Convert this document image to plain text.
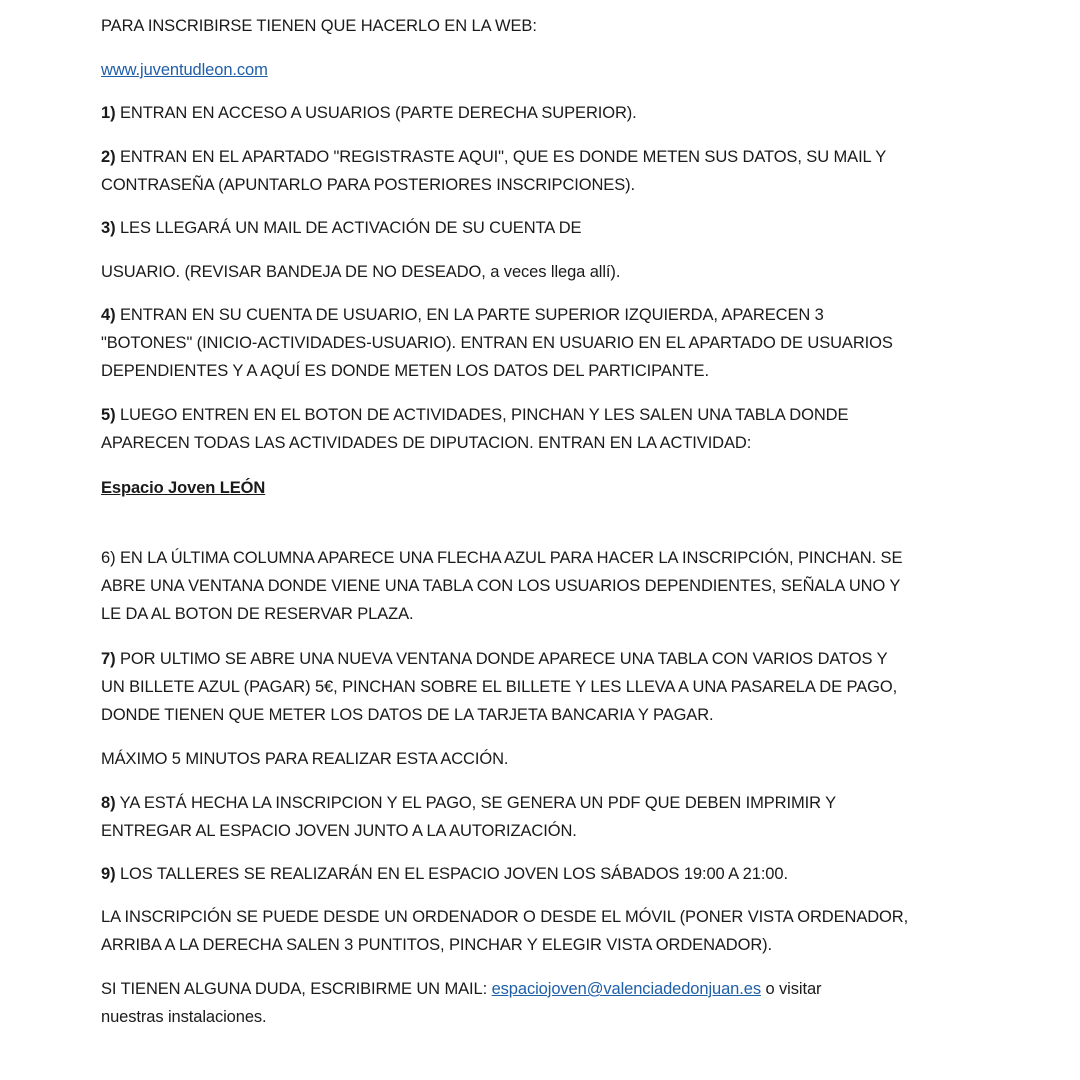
PARA INSCRIBIRSE TIENEN QUE HACERLO EN LA WEB:

www.juventudleon.com

1) ENTRAN EN ACCESO A USUARIOS (PARTE DERECHA SUPERIOR).

2) ENTRAN EN EL APARTADO "REGISTRASTE AQUI", QUE ES DONDE METEN SUS DATOS, SU MAIL Y
CONTRASEÑA (APUNTARLO PARA POSTERIORES INSCRIPCIONES).

3) LES LLEGARÁ UN MAIL DE ACTIVACIÓN DE SU CUENTA DE

USUARIO. (REVISAR BANDEJA DE NO DESEADO, a veces llega allí).

4) ENTRAN EN SU CUENTA DE USUARIO, EN LA PARTE SUPERIOR IZQUIERDA, APARECEN 3
"BOTONES" (INICIO-ACTIVIDADES-USUARIO). ENTRAN EN USUARIO EN EL APARTADO DE USUARIOS
DEPENDIENTES Y A AQUÍ ES DONDE METEN LOS DATOS DEL PARTICIPANTE.
5) LUEGO ENTREN EN EL BOTON DE ACTIVIDADES, PINCHAN Y LES SALEN UNA TABLA DONDE
APARECEN TODAS LAS ACTIVIDADES DE DIPUTACION. ENTRAN EN LA ACTIVIDAD:

Espacio Joven LEÓN

6) EN LA ÚLTIMA COLUMNA APARECE UNA FLECHA AZUL PARA HACER LA INSCRIPCIÓN, PINCHAN. SE
ABRE UNA VENTANA DONDE VIENE UNA TABLA CON LOS USUARIOS DEPENDIENTES, SEÑALA UNO Y
LE DA AL BOTON DE RESERVAR PLAZA.
7) POR ULTIMO SE ABRE UNA NUEVA VENTANA DONDE APARECE UNA TABLA CON VARIOS DATOS Y
UN BILLETE AZUL (PAGAR) 5€, PINCHAN SOBRE EL BILLETE Y LES LLEVA A UNA PASARELA DE PAGO,
DONDE TIENEN QUE METER LOS DATOS DE LA TARJETA BANCARIA Y PAGAR.

MÁXIMO 5 MINUTOS PARA REALIZAR ESTA ACCIÓN.

8) YA ESTÁ HECHA LA INSCRIPCION Y EL PAGO, SE GENERA UN PDF QUE DEBEN IMPRIMIR Y
ENTREGAR AL ESPACIO JOVEN JUNTO A LA AUTORIZACIÓN.

9) LOS TALLERES SE REALIZARÁN EN EL ESPACIO JOVEN LOS SÁBADOS 19:00 A 21:00.

LA INSCRIPCIÓN SE PUEDE DESDE UN ORDENADOR O DESDE EL MÓVIL (PONER VISTA ORDENADOR,
ARRIBA A LA DERECHA SALEN 3 PUNTITOS, PINCHAR Y ELEGIR VISTA ORDENADOR).
SI TIENEN ALGUNA DUDA, ESCRIBIRME UN MAIL: espaciojoven@valenciadedonjuan.es o visitar
nuestras instalaciones.
